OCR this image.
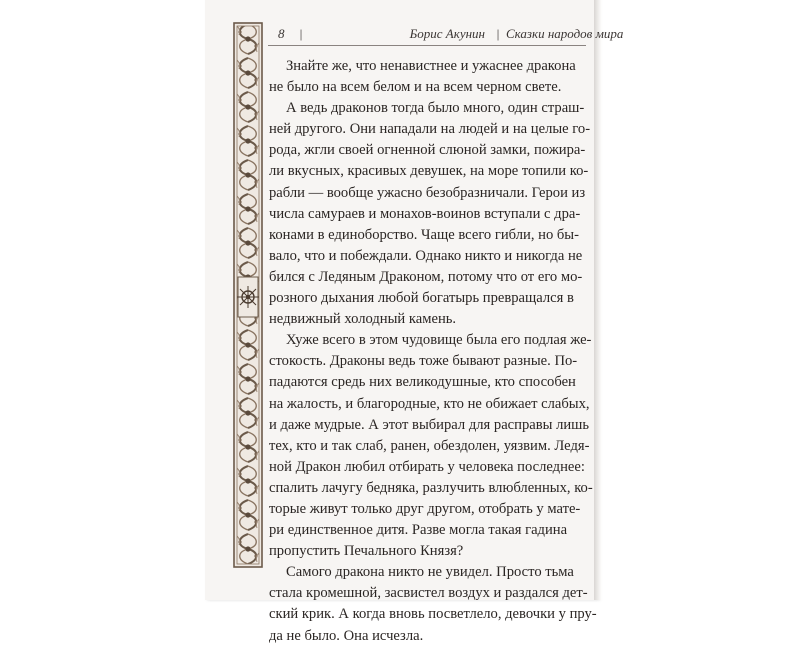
8 |	Борис Акунин | Сказки народов мира
Знайте же, что ненавистнее и ужаснее дракона
не было на всем белом и на всем черном свете.
А ведь драконов тогда было много, один страш-
ней другого. Они нападали на людей и на целые го-
рода, жгли своей огненной слюной замки, пожира-
ли вкусных, красивых девушек, на море топили ко-
рабли — вообще ужасно безобразничали. Герои из
числа самураев и монахов-воинов вступали с дра-
конами в единоборство. Чаще всего гибли, но бы-
вало, что и побеждали. Однако никто и никогда не
бился с Ледяным Драконом, потому что от его мо-
розного дыхания любой богатырь превращался в
недвижный холодный камень.
Хуже всего в этом чудовище была его подлая же-
стокость. Драконы ведь тоже бывают разные. По-
падаются средь них великодушные, кто способен
на жалость, и благородные, кто не обижает слабых,
и даже мудрые. А этот выбирал для расправы лишь
тех, кто и так слаб, ранен, обездолен, уязвим. Ледя-
ной Дракон любил отбирать у человека последнее:
спалить лачугу бедняка, разлучить влюбленных, ко-
торые живут только друг другом, отобрать у мате-
ри единственное дитя. Разве могла такая гадина
пропустить Печального Князя?
Самого дракона никто не увидел. Просто тьма
стала кромешной, засвистел воздух и раздался дет-
ский крик. А когда вновь посветлело, девочки у пру-
да не было. Она исчезла.
